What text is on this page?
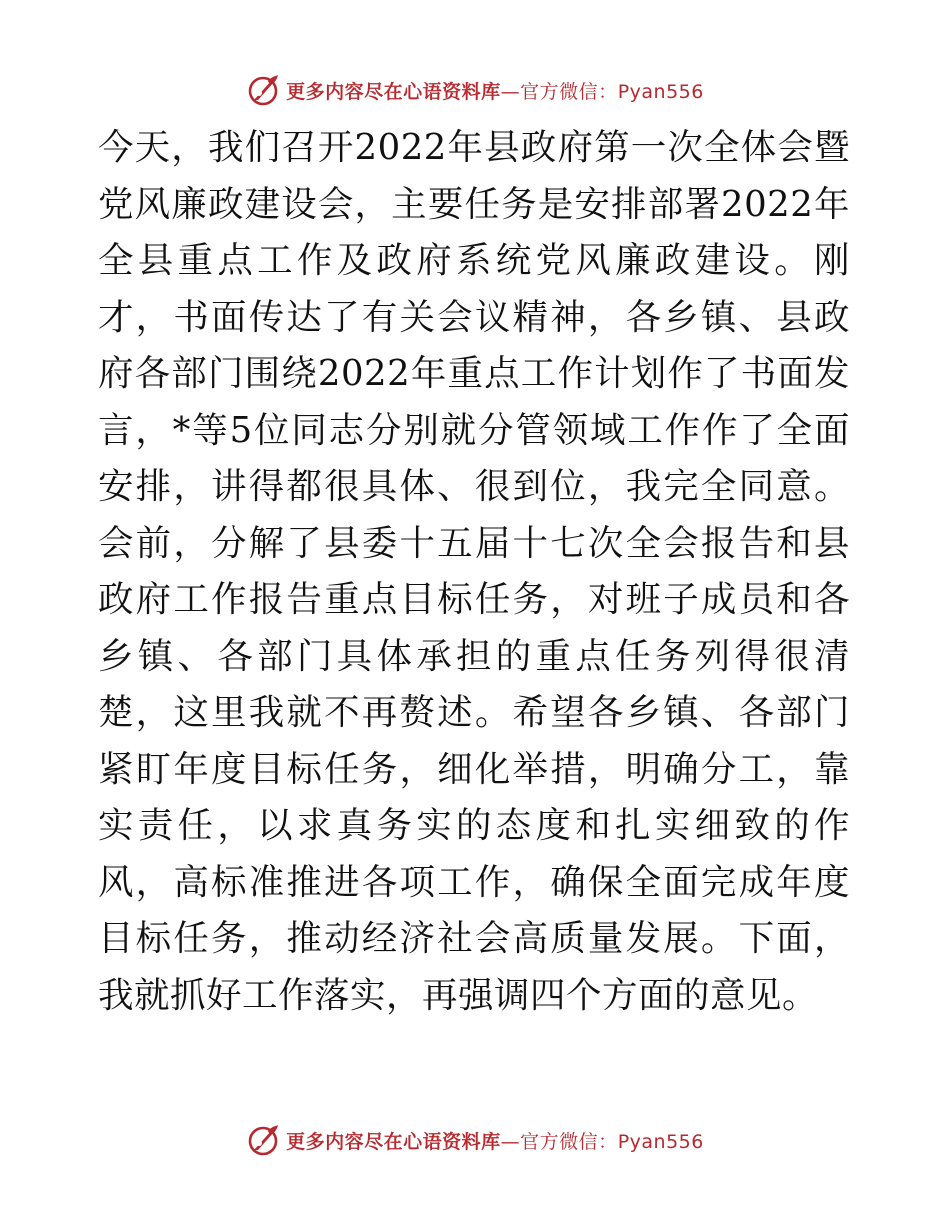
更多内容尽在心语资料库—官方微信：Pyan556

今天，我们召开2022年县政府第一次全体会暨党风廉政建设会，主要任务是安排部署2022年全县重点工作及政府系统党风廉政建设。刚才，书面传达了有关会议精神，各乡镇、县政府各部门围绕2022年重点工作计划作了书面发言，*等5位同志分别就分管领域工作作了全面安排，讲得都很具体、很到位，我完全同意。会前，分解了县委十五届十七次全会报告和县政府工作报告重点目标任务，对班子成员和各乡镇、各部门具体承担的重点任务列得很清楚，这里我就不再赘述。希望各乡镇、各部门紧盯年度目标任务，细化举措，明确分工，靠实责任，以求真务实的态度和扎实细致的作风，高标准推进各项工作，确保全面完成年度目标任务，推动经济社会高质量发展。下面，我就抓好工作落实，再强调四个方面的意见。

更多内容尽在心语资料库—官方微信：Pyan556
